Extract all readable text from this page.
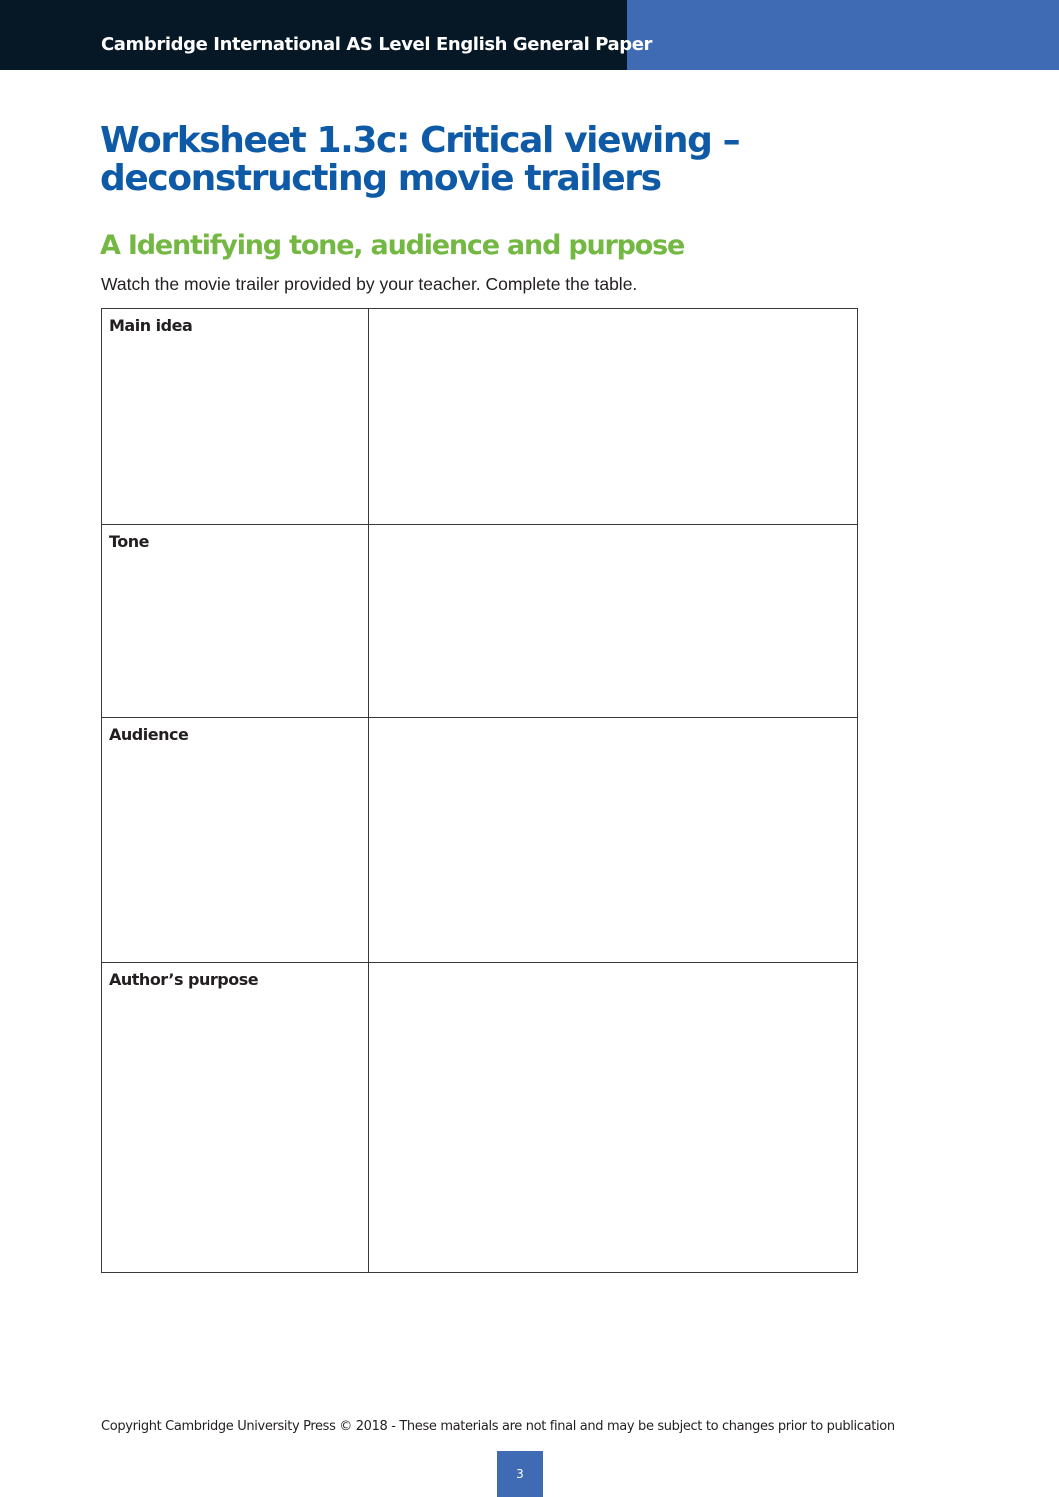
Cambridge International AS Level English General Paper
Worksheet 1.3c: Critical viewing – deconstructing movie trailers
A Identifying tone, audience and purpose

Watch the movie trailer provided by your teacher. Complete the table.

Main idea	

Tone	

Audience	

Author’s purpose	

Copyright Cambridge University Press © 2018 - These materials are not final and may be subject to changes prior to publication
3
